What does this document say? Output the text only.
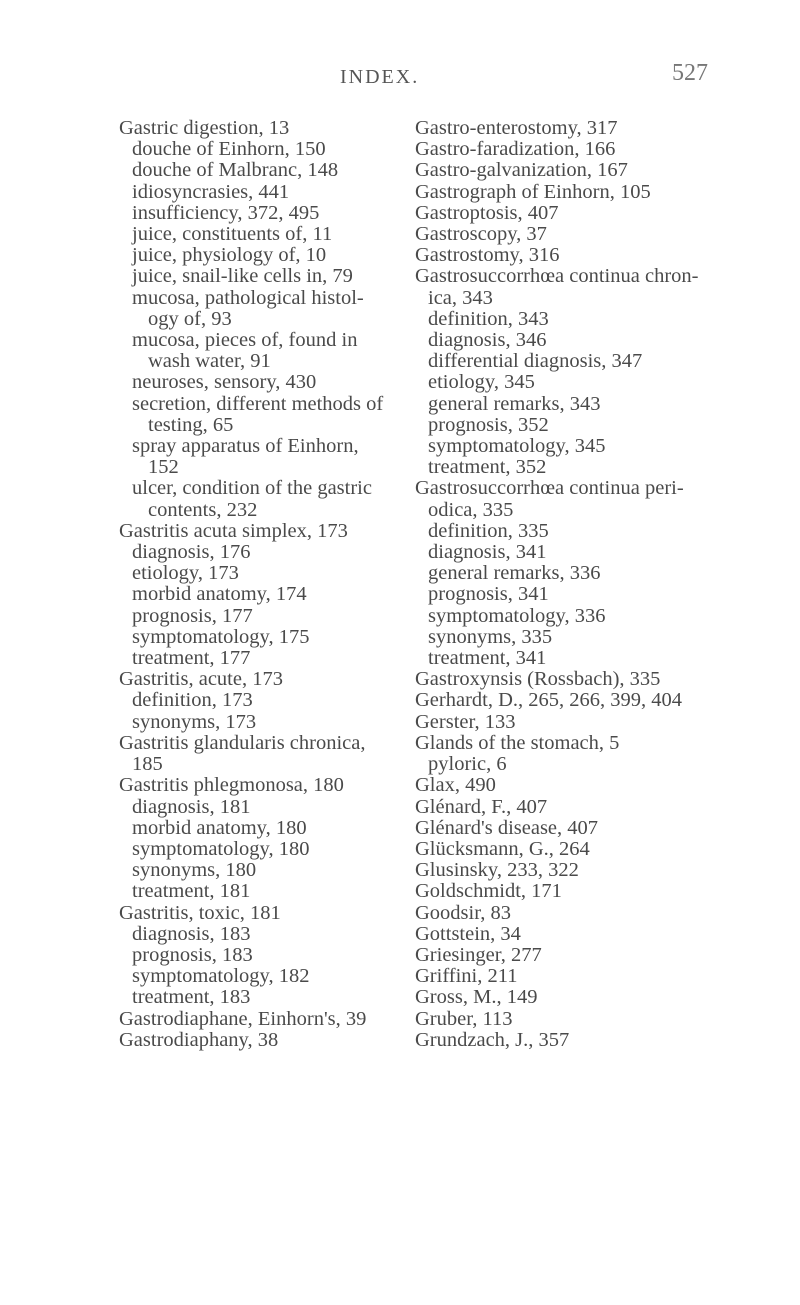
INDEX.	527
Gastric digestion, 13
douche of Einhorn, 150
douche of Malbranc, 148
idiosyncrasies, 441
insufficiency, 372, 495
juice, constituents of, 11
juice, physiology of, 10
juice, snail-like cells in, 79
mucosa, pathological histol-
ogy of, 93
mucosa, pieces of, found in
wash water, 91
neuroses, sensory, 430
secretion, different methods of
testing, 65
spray apparatus of Einhorn,
152
ulcer, condition of the gastric
contents, 232
Gastritis acuta simplex, 173
diagnosis, 176
etiology, 173
morbid anatomy, 174
prognosis, 177
symptomatology, 175
treatment, 177
Gastritis, acute, 173
definition, 173
synonyms, 173
Gastritis glandularis chronica,
185
Gastritis phlegmonosa, 180
diagnosis, 181
morbid anatomy, 180
symptomatology, 180
synonyms, 180
treatment, 181
Gastritis, toxic, 181
diagnosis, 183
prognosis, 183
symptomatology, 182
treatment, 183
Gastrodiaphane, Einhorn's, 39
Gastrodiaphany, 38
Gastro-enterostomy, 317
Gastro-faradization, 166
Gastro-galvanization, 167
Gastrograph of Einhorn, 105
Gastroptosis, 407
Gastroscopy, 37
Gastrostomy, 316
Gastrosuccorrhœa continua chron-
ica, 343
definition, 343
diagnosis, 346
differential diagnosis, 347
etiology, 345
general remarks, 343
prognosis, 352
symptomatology, 345
treatment, 352
Gastrosuccorrhœa continua peri-
odica, 335
definition, 335
diagnosis, 341
general remarks, 336
prognosis, 341
symptomatology, 336
synonyms, 335
treatment, 341
Gastroxynsis (Rossbach), 335
Gerhardt, D., 265, 266, 399, 404
Gerster, 133
Glands of the stomach, 5
pyloric, 6
Glax, 490
Glénard, F., 407
Glénard's disease, 407
Glücksmann, G., 264
Glusinsky, 233, 322
Goldschmidt, 171
Goodsir, 83
Gottstein, 34
Griesinger, 277
Griffini, 211
Gross, M., 149
Gruber, 113
Grundzach, J., 357
